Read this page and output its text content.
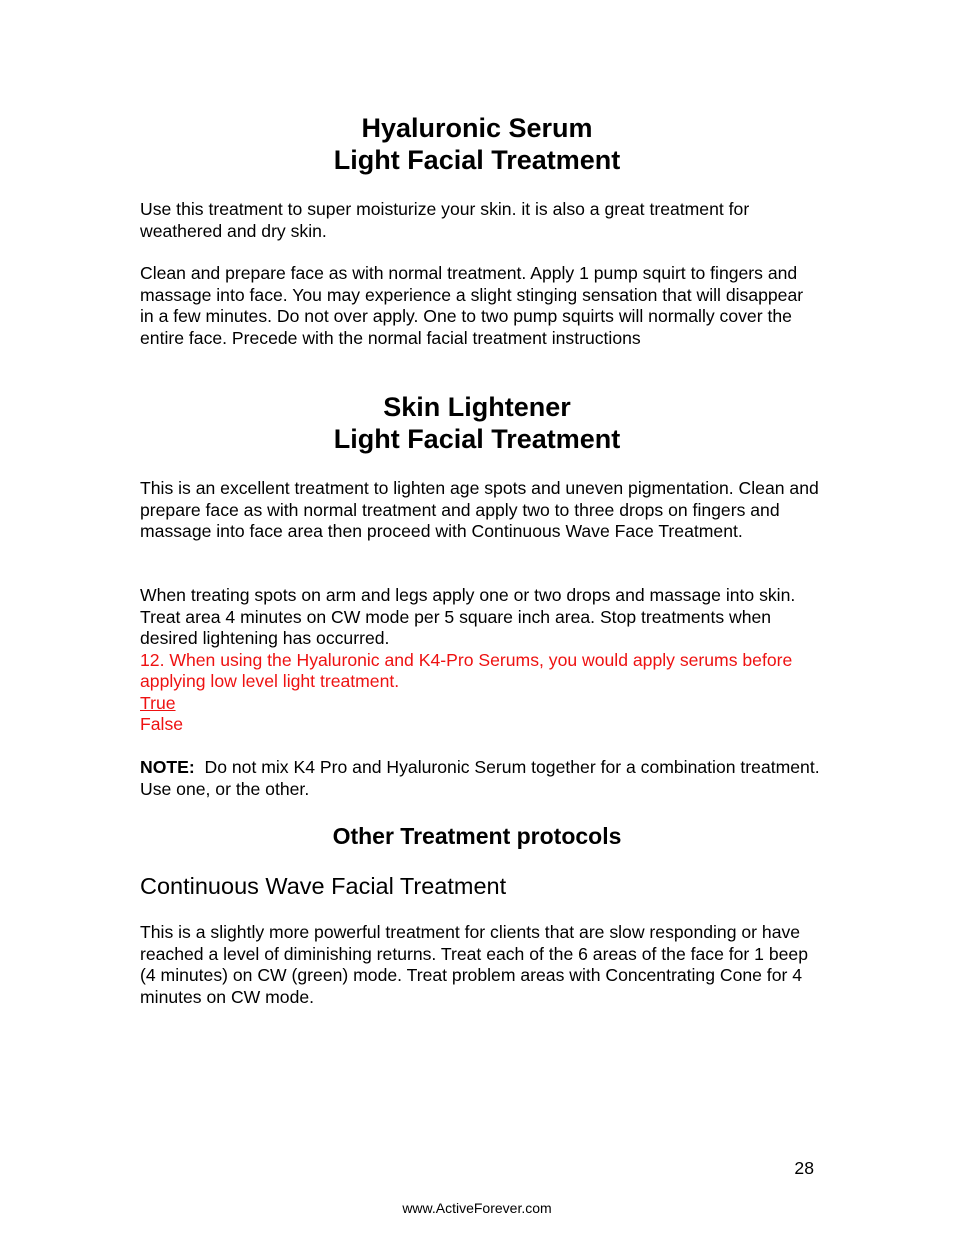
Hyaluronic Serum
Light Facial Treatment

Use this treatment to super moisturize your skin. it is also a great treatment for weathered and dry skin.

Clean and prepare face as with normal treatment. Apply 1 pump squirt to fingers and massage into face. You may experience a slight stinging sensation that will disappear in a few minutes. Do not over apply. One to two pump squirts will normally cover the entire face. Precede with the normal facial treatment instructions

Skin Lightener
Light Facial Treatment

This is an excellent treatment to lighten age spots and uneven pigmentation. Clean and prepare face as with normal treatment and apply two to three drops on fingers and massage into face area then proceed with Continuous Wave Face Treatment.

When treating spots on arm and legs apply one or two drops and massage into skin. Treat area 4 minutes on CW mode per 5 square inch area. Stop treatments when desired lightening has occurred.

12. When using the Hyaluronic and K4-Pro Serums, you would apply serums before applying low level light treatment.

True

False

NOTE: Do not mix K4 Pro and Hyaluronic Serum together for a combination treatment. Use one, or the other.

Other Treatment protocols
Continuous Wave Facial Treatment

This is a slightly more powerful treatment for clients that are slow responding or have reached a level of diminishing returns. Treat each of the 6 areas of the face for 1 beep (4 minutes) on CW (green) mode. Treat problem areas with Concentrating Cone for 4 minutes on CW mode.

28
www.ActiveForever.com
